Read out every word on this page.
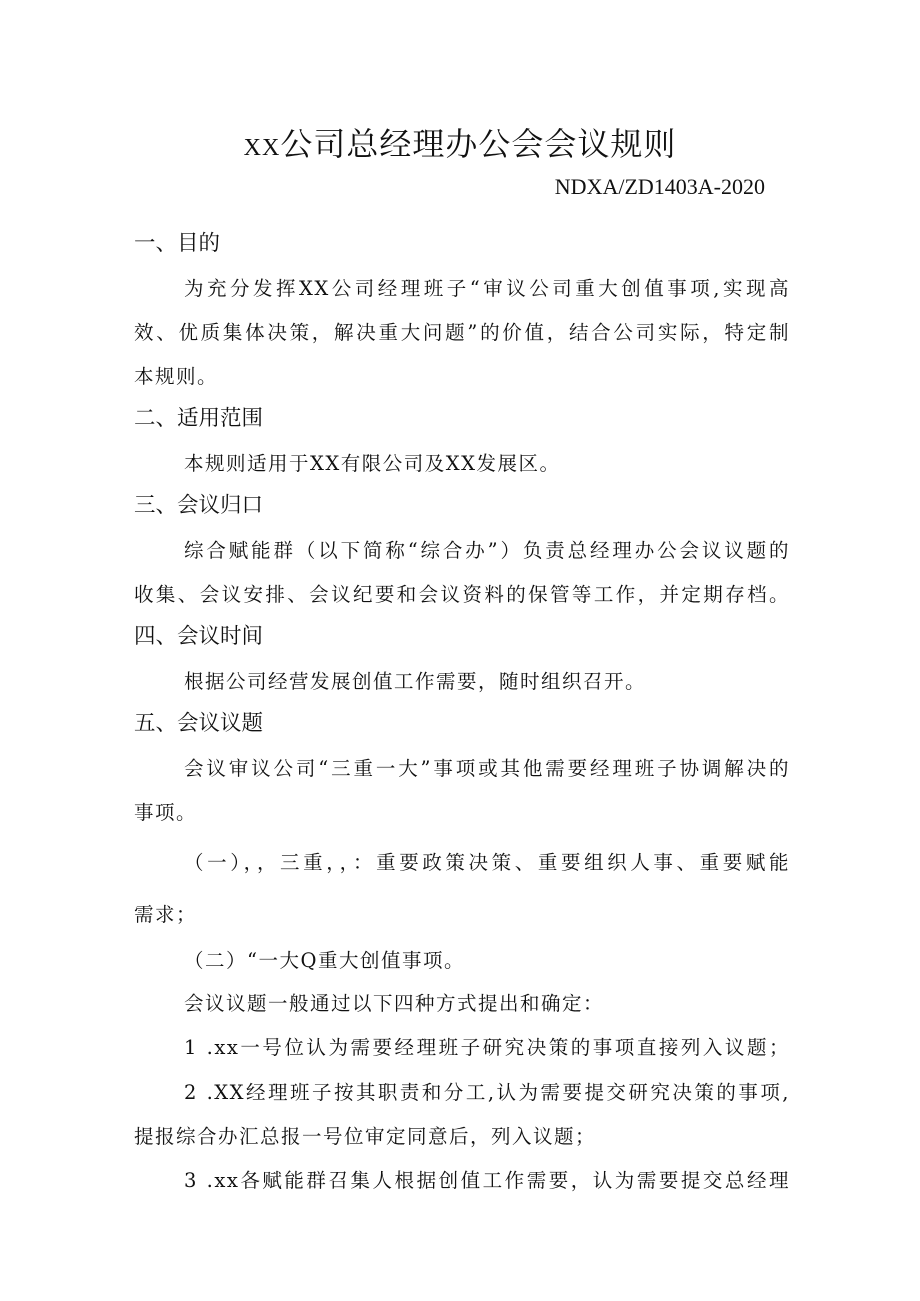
XX公司总经理办公会会议规则
NDXA/ZD1403A-2020
一、目的
为充分发挥XX公司经理班子“审议公司重大创值事项,实现高
效、优质集体决策，解决重大问题”的价值，结合公司实际，特定制
本规则。
二、适用范围
本规则适用于XX有限公司及XX发展区。
三、会议归口
综合赋能群（以下简称“综合办”）负责总经理办公会议议题的
收集、会议安排、会议纪要和会议资料的保管等工作，并定期存档。
四、会议时间
根据公司经营发展创值工作需要，随时组织召开。
五、会议议题
会议审议公司“三重一大”事项或其他需要经理班子协调解决的
事项。
（一），，三重，，：重要政策决策、重要组织人事、重要赋能
需求；
（二）“一大Q重大创值事项。
会议议题一般通过以下四种方式提出和确定：
1 .xx一号位认为需要经理班子研究决策的事项直接列入议题；
2 .XX经理班子按其职责和分工,认为需要提交研究决策的事项,
提报综合办汇总报一号位审定同意后，列入议题；
3 .xx各赋能群召集人根据创值工作需要，认为需要提交总经理
